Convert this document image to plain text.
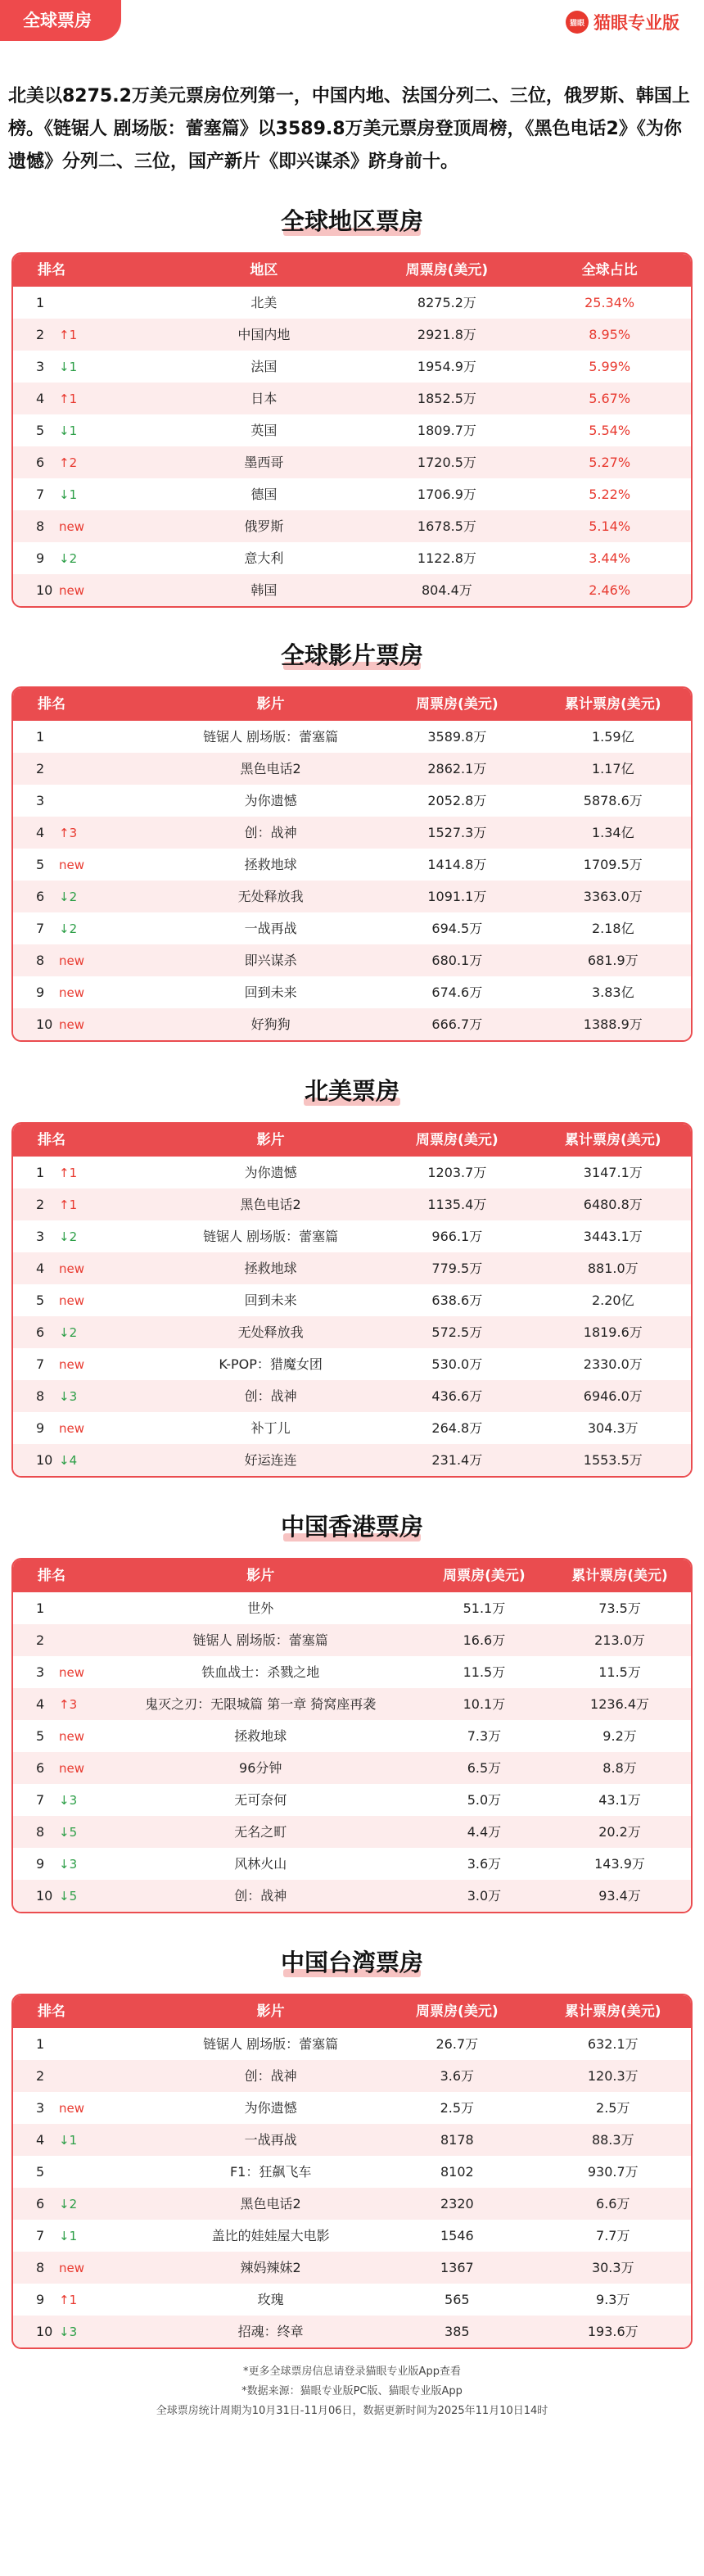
全球票房	猫眼 猫眼专业版
北美以8275.2万美元票房位列第一，中国内地、法国分列二、三位，俄罗斯、韩国上榜。《链锯人 剧场版：蕾塞篇》以3589.8万美元票房登顶周榜，《黑色电话2》《为你遗憾》分列二、三位，国产新片《即兴谋杀》跻身前十。
全球地区票房
排名	地区	周票房(美元)	全球占比
1	北美	8275.2万	25.34%
2 ↑1	中国内地	2921.8万	8.95%
3 ↓1	法国	1954.9万	5.99%
4 ↑1	日本	1852.5万	5.67%
5 ↓1	英国	1809.7万	5.54%
6 ↑2	墨西哥	1720.5万	5.27%
7 ↓1	德国	1706.9万	5.22%
8 new	俄罗斯	1678.5万	5.14%
9 ↓2	意大利	1122.8万	3.44%
10 new	韩国	804.4万	2.46%
全球影片票房
排名	影片	周票房(美元)	累计票房(美元)
1	链锯人 剧场版：蕾塞篇	3589.8万	1.59亿
2	黑色电话2	2862.1万	1.17亿
3	为你遗憾	2052.8万	5878.6万
4 ↑3	创：战神	1527.3万	1.34亿
5 new	拯救地球	1414.8万	1709.5万
6 ↓2	无处释放我	1091.1万	3363.0万
7 ↓2	一战再战	694.5万	2.18亿
8 new	即兴谋杀	680.1万	681.9万
9 new	回到未来	674.6万	3.83亿
10 new	好狗狗	666.7万	1388.9万
北美票房
排名	影片	周票房(美元)	累计票房(美元)
1 ↑1	为你遗憾	1203.7万	3147.1万
2 ↑1	黑色电话2	1135.4万	6480.8万
3 ↓2	链锯人 剧场版：蕾塞篇	966.1万	3443.1万
4 new	拯救地球	779.5万	881.0万
5 new	回到未来	638.6万	2.20亿
6 ↓2	无处释放我	572.5万	1819.6万
7 new	K-POP：猎魔女团	530.0万	2330.0万
8 ↓3	创：战神	436.6万	6946.0万
9 new	补丁儿	264.8万	304.3万
10 ↓4	好运连连	231.4万	1553.5万
中国香港票房
排名	影片	周票房(美元)	累计票房(美元)
1	世外	51.1万	73.5万
2	链锯人 剧场版：蕾塞篇	16.6万	213.0万
3 new	铁血战士：杀戮之地	11.5万	11.5万
4 ↑3	鬼灭之刃：无限城篇 第一章 猗窝座再袭	10.1万	1236.4万
5 new	拯救地球	7.3万	9.2万
6 new	96分钟	6.5万	8.8万
7 ↓3	无可奈何	5.0万	43.1万
8 ↓5	无名之町	4.4万	20.2万
9 ↓3	风林火山	3.6万	143.9万
10 ↓5	创：战神	3.0万	93.4万
中国台湾票房
排名	影片	周票房(美元)	累计票房(美元)
1	链锯人 剧场版：蕾塞篇	26.7万	632.1万
2	创：战神	3.6万	120.3万
3 new	为你遗憾	2.5万	2.5万
4 ↓1	一战再战	8178	88.3万
5	F1：狂飙飞车	8102	930.7万
6 ↓2	黑色电话2	2320	6.6万
7 ↓1	盖比的娃娃屋大电影	1546	7.7万
8 new	辣妈辣妹2	1367	30.3万
9 ↑1	玫瑰	565	9.3万
10 ↓3	招魂：终章	385	193.6万
*更多全球票房信息请登录猫眼专业版App查看
*数据来源：猫眼专业版PC版、猫眼专业版App
全球票房统计周期为10月31日-11月06日，数据更新时间为2025年11月10日14时
